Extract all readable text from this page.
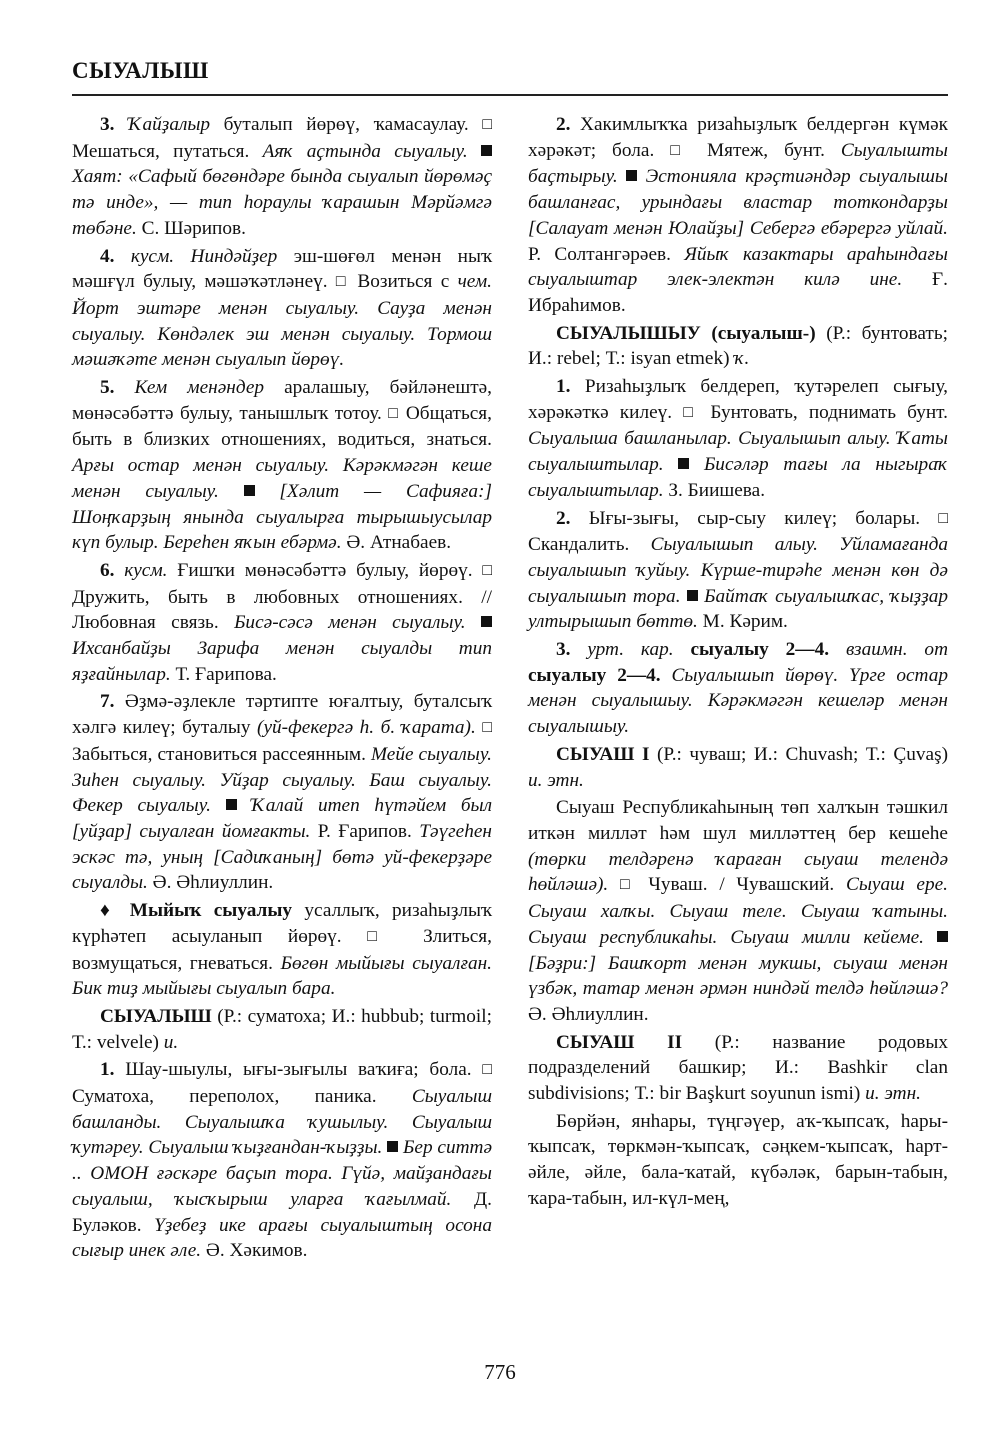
СЫУАЛЫШ

3. Ҡайҙалыр буталып йөрөү, ҡамасаулау. □ Мешаться, путаться. Аяҡ аҫтында сыуалыу.  Хаят: «Сафый бөгөндәре бында сыуалып йөрөмәҫ тә инде», — тип һораулы ҡарашын Мәрйәмгә төбәне. С. Шәрипов.

4. кусм. Ниндәйҙер эш-шөғөл менән ныҡ мәшғүл булыу, мәшәҡәтләнеү. □ Возиться с чем. Йорт эштәре менән сыуалыу. Сауҙа менән сыуалыу. Көндәлек эш менән сыуалыу. Тормош мәшәҡәте менән сыуалып йөрөү.

5. Кем менәндер аралашыу, бәйләнештә, мөнәсәбәттә булыу, танышлыҡ тотоу. □ Общаться, быть в близких отношениях, водиться, знаться. Арғы остар менән сыуалыу. Кәрәкмәгән кеше менән сыуалыу.	[Хәлит — Сафияға:] Шоңҡарҙың янында сыуалырға тырышыусылар күп булыр. Береһен яҡын ебәрмә. Ә. Атнабаев.

6. кусм. Ғишҡи мөнәсәбәттә булыу, йөрөү. □ Дружить, быть в любовных отношениях. // Любовная связь. Бисә-сәсә менән сыуалыу.  Ихсанбайҙы Зарифа менән сыуалды тип яҙғайнылар. Т. Ғарипова.

7. Әҙмә-әҙлекле тәртипте юғалтыу, буталсыҡ хәлгә килеү; буталыу (уй-фекергә һ. б. ҡарата). □ Забыться, становиться рассеянным. Мейе сыуалыу. Зиһен сыуалыу. Уйҙар сыуалыу. Баш сыуалыу. Фекер сыуалыу. Ҡалай итеп һүтәйем был [уйҙар] сыуалған йомғакты. Р. Ғарипов. Тәүгеһен эскәс тә, уның [Садиҡаның] бөтә уй-фекерҙәре сыуалды. Ә. Әһлиуллин.

♦ Мыйыҡ сыуалыу усаллыҡ, ризаһыҙлыҡ күрһәтеп асыуланып йөрөү. □ Злиться, возмущаться, гневаться. Бөгөн мыйығы сыуалған. Бик тиҙ мыйығы сыуалып бара.

СЫУАЛЫШ (Р.: суматоха; И.: hubbub; turmoil; Т.: velvele) и.

1. Шау-шыулы, ығы-зығылы ваҡиға; бола. □ Суматоха, переполох, паника. Сыуалыш башланды. Сыуалышҡа ҡушылыу. Сыуалыш ҡутәреу. Сыуалыш ҡыҙғандан-ҡыҙҙы. Бер ситтә .. ОМОН ғәскәре баҫып тора. Гүйә, майҙандағы сыуалыш, ҡысҡырыш уларға ҡағылмай. Д. Буләков. Үҙебеҙ ике арағы сыуалыштың осона сығыр инек әле. Ә. Хәкимов.

2. Хакимлыҡҡа ризаһыҙлыҡ белдергән күмәк хәрәкәт; бола. □ Мятеж, бунт. Сыуалышты баҫтырыу. Эстонияла крәҫтиәндәр сыуалышы башланғас, урындағы властар тоткондарҙы [Салауат менән Юлайҙы] Себергә ебәрергә уйлай. Р. Солтангәрәев. Яйыҡ казактары араһындағы сыуалыштар элек-электән килә ине. Ғ. Ибраһимов.

СЫУАЛЫШЫУ (сыуалыш-) (Р.: бунтовать; И.: rebel; Т.: isyan etmek) ҡ.

1. Ризаһыҙлыҡ белдереп, ҡутәрелеп сығыу, хәрәкәткә килеү. □ Бунтовать, поднимать бунт. Сыуалыша башланылар. Сыуалышып алыу. Ҡаты сыуалыштылар. Бисәләр тағы ла ныгыраҡ сыуалыштылар. З. Биишева.

2. Ығы-зығы, сыр-сыу килеү; болары. □ Скандалить. Сыуалышып алыу. Уйламағанда сыуалышып ҡуйыу. Күрше-тирәһе менән көн дә сыуалышып тора. Байтаҡ сыуалышҡас, ҡыҙҙар ултырышып бөттө. М. Кәрим.

3. урт. кар. сыуалыу 2—4. взаимн. от сыуалыу 2—4. Сыуалышып йөрөү. Үрге остар менән сыуалышыу. Кәрәкмәгән кешеләр менән сыуалышыу.

СЫУАШ I (Р.: чуваш; И.: Chuvash; Т.: Çuvaş) и. этн.

Сыуаш Республикаһының төп халҡын тәшкил иткән милләт һәм шул милләттең бер кешеһе (төрки телдәренә ҡараған сыуаш телендә һөйләшә). □ Чуваш. / Чувашский. Сыуаш ере. Сыуаш халҡы. Сыуаш теле. Сыуаш ҡатыны. Сыуаш республикаһы. Сыуаш милли кейеме.  [Бәҙри:] Башҡорт менән мукшы, сыуаш менән үзбәк, татар менән әрмән ниндәй телдә һөйләшә? Ә. Әһлиуллин.

СЫУАШ II (Р.: название родовых подразделений башкир; И.: Bashkir clan subdivisions; Т.: bir Başkurt soyunun ismi) и. этн.

Бөрйән, янһары, түңгәүер, аҡ-ҡыпсаҡ, һары-ҡыпсаҡ, төркмән-ҡыпсаҡ, сәңкем-ҡыпсаҡ, һарт-әйле, әйле, бала-ҡатай, күбәләк, барын-табын, ҡара-табын, ил-күл-мең,

776
